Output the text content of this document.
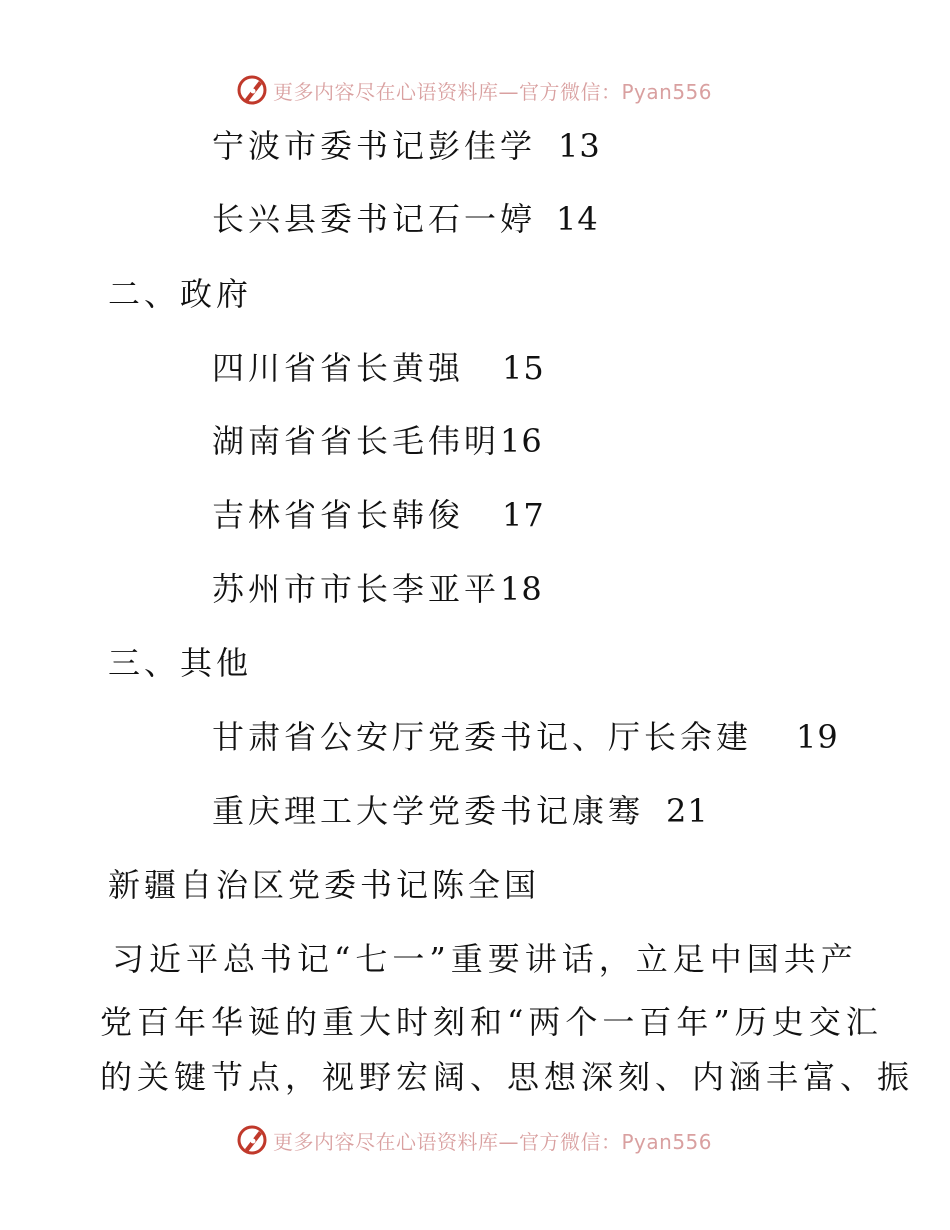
更多内容尽在心语资料库—官方微信：Pyan556
宁波市委书记彭佳学 13
长兴县委书记石一婷 14
二、政府
四川省省长黄强 15
湖南省省长毛伟明16
吉林省省长韩俊 17
苏州市市长李亚平18
三、其他
甘肃省公安厅党委书记、厅长余建 19
重庆理工大学党委书记康骞 21
新疆自治区党委书记陈全国
习近平总书记“七一”重要讲话，立足中国共产
党百年华诞的重大时刻和“两个一百年”历史交汇
的关键节点，视野宏阔、思想深刻、内涵丰富、振
更多内容尽在心语资料库—官方微信：Pyan556
